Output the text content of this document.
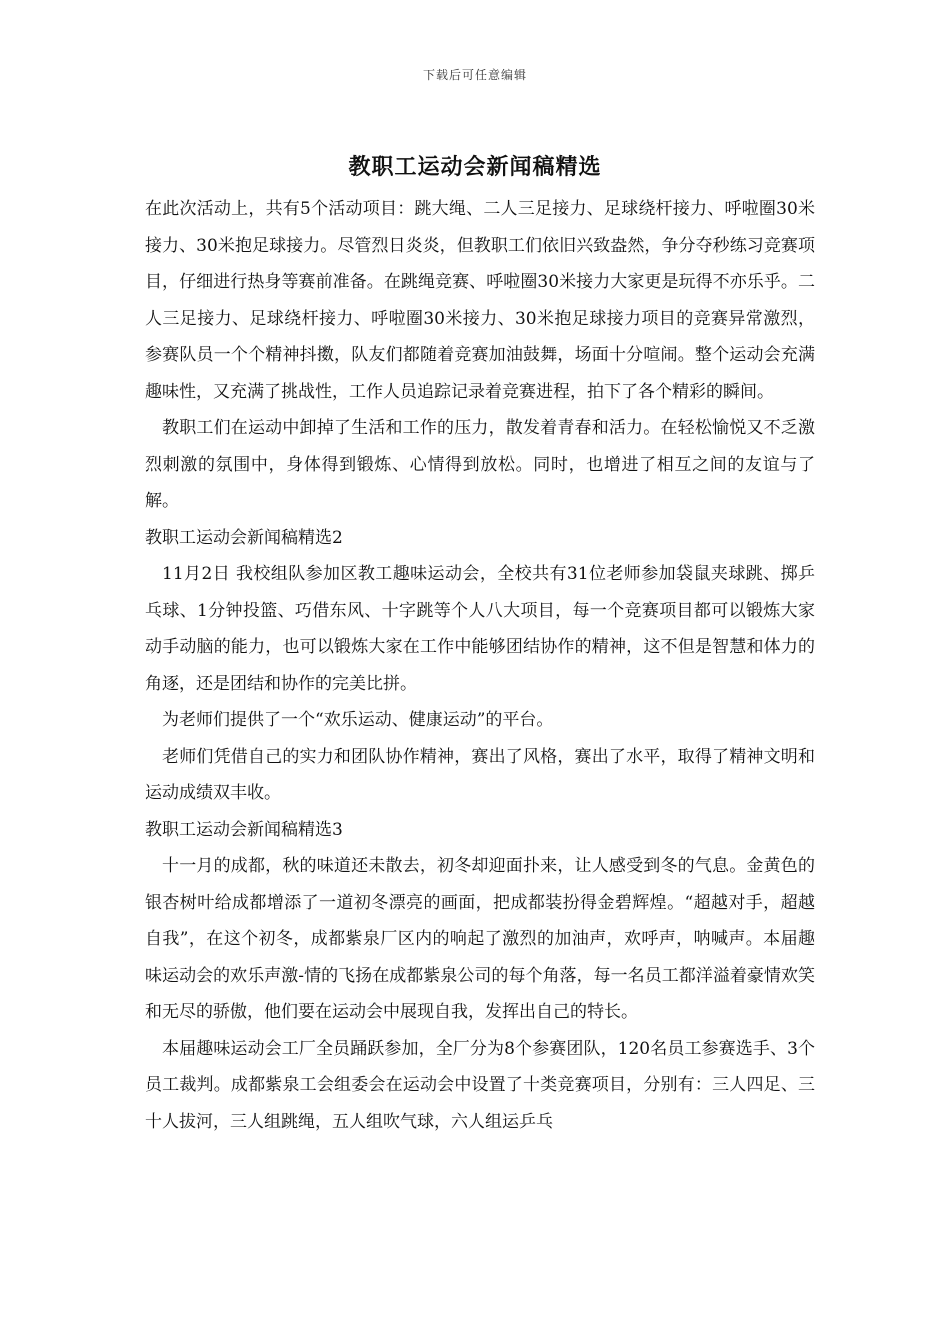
下载后可任意编辑
教职工运动会新闻稿精选

在此次活动上，共有5个活动项目：跳大绳、二人三足接力、足球绕杆接力、呼啦圈30米接力、30米抱足球接力。尽管烈日炎炎，但教职工们依旧兴致盎然，争分夺秒练习竞赛项目，仔细进行热身等赛前准备。在跳绳竞赛、呼啦圈30米接力大家更是玩得不亦乐乎。二人三足接力、足球绕杆接力、呼啦圈30米接力、30米抱足球接力项目的竞赛异常激烈，参赛队员一个个精神抖擞，队友们都随着竞赛加油鼓舞，场面十分喧闹。整个运动会充满趣味性，又充满了挑战性，工作人员追踪记录着竞赛进程，拍下了各个精彩的瞬间。

教职工们在运动中卸掉了生活和工作的压力，散发着青春和活力。在轻松愉悦又不乏激烈刺激的氛围中，身体得到锻炼、心情得到放松。同时，也增进了相互之间的友谊与了解。

教职工运动会新闻稿精选2

11月2日 我校组队参加区教工趣味运动会，全校共有31位老师参加袋鼠夹球跳、掷乒乓球、1分钟投篮、巧借东风、十字跳等个人八大项目，每一个竞赛项目都可以锻炼大家动手动脑的能力，也可以锻炼大家在工作中能够团结协作的精神，这不但是智慧和体力的角逐，还是团结和协作的完美比拼。

为老师们提供了一个“欢乐运动、健康运动”的平台。

老师们凭借自己的实力和团队协作精神，赛出了风格，赛出了水平，取得了精神文明和运动成绩双丰收。

教职工运动会新闻稿精选3

十一月的成都，秋的味道还未散去，初冬却迎面扑来，让人感受到冬的气息。金黄色的银杏树叶给成都增添了一道初冬漂亮的画面，把成都装扮得金碧辉煌。“超越对手，超越自我”，在这个初冬，成都紫泉厂区内的响起了激烈的加油声，欢呼声，呐喊声。本届趣味运动会的欢乐声激-情的飞扬在成都紫泉公司的每个角落，每一名员工都洋溢着豪情欢笑和无尽的骄傲，他们要在运动会中展现自我，发挥出自己的特长。

本届趣味运动会工厂全员踊跃参加，全厂分为8个参赛团队，120名员工参赛选手、3个员工裁判。成都紫泉工会组委会在运动会中设置了十类竞赛项目，分别有：三人四足、三十人拔河，三人组跳绳，五人组吹气球，六人组运乒乓
